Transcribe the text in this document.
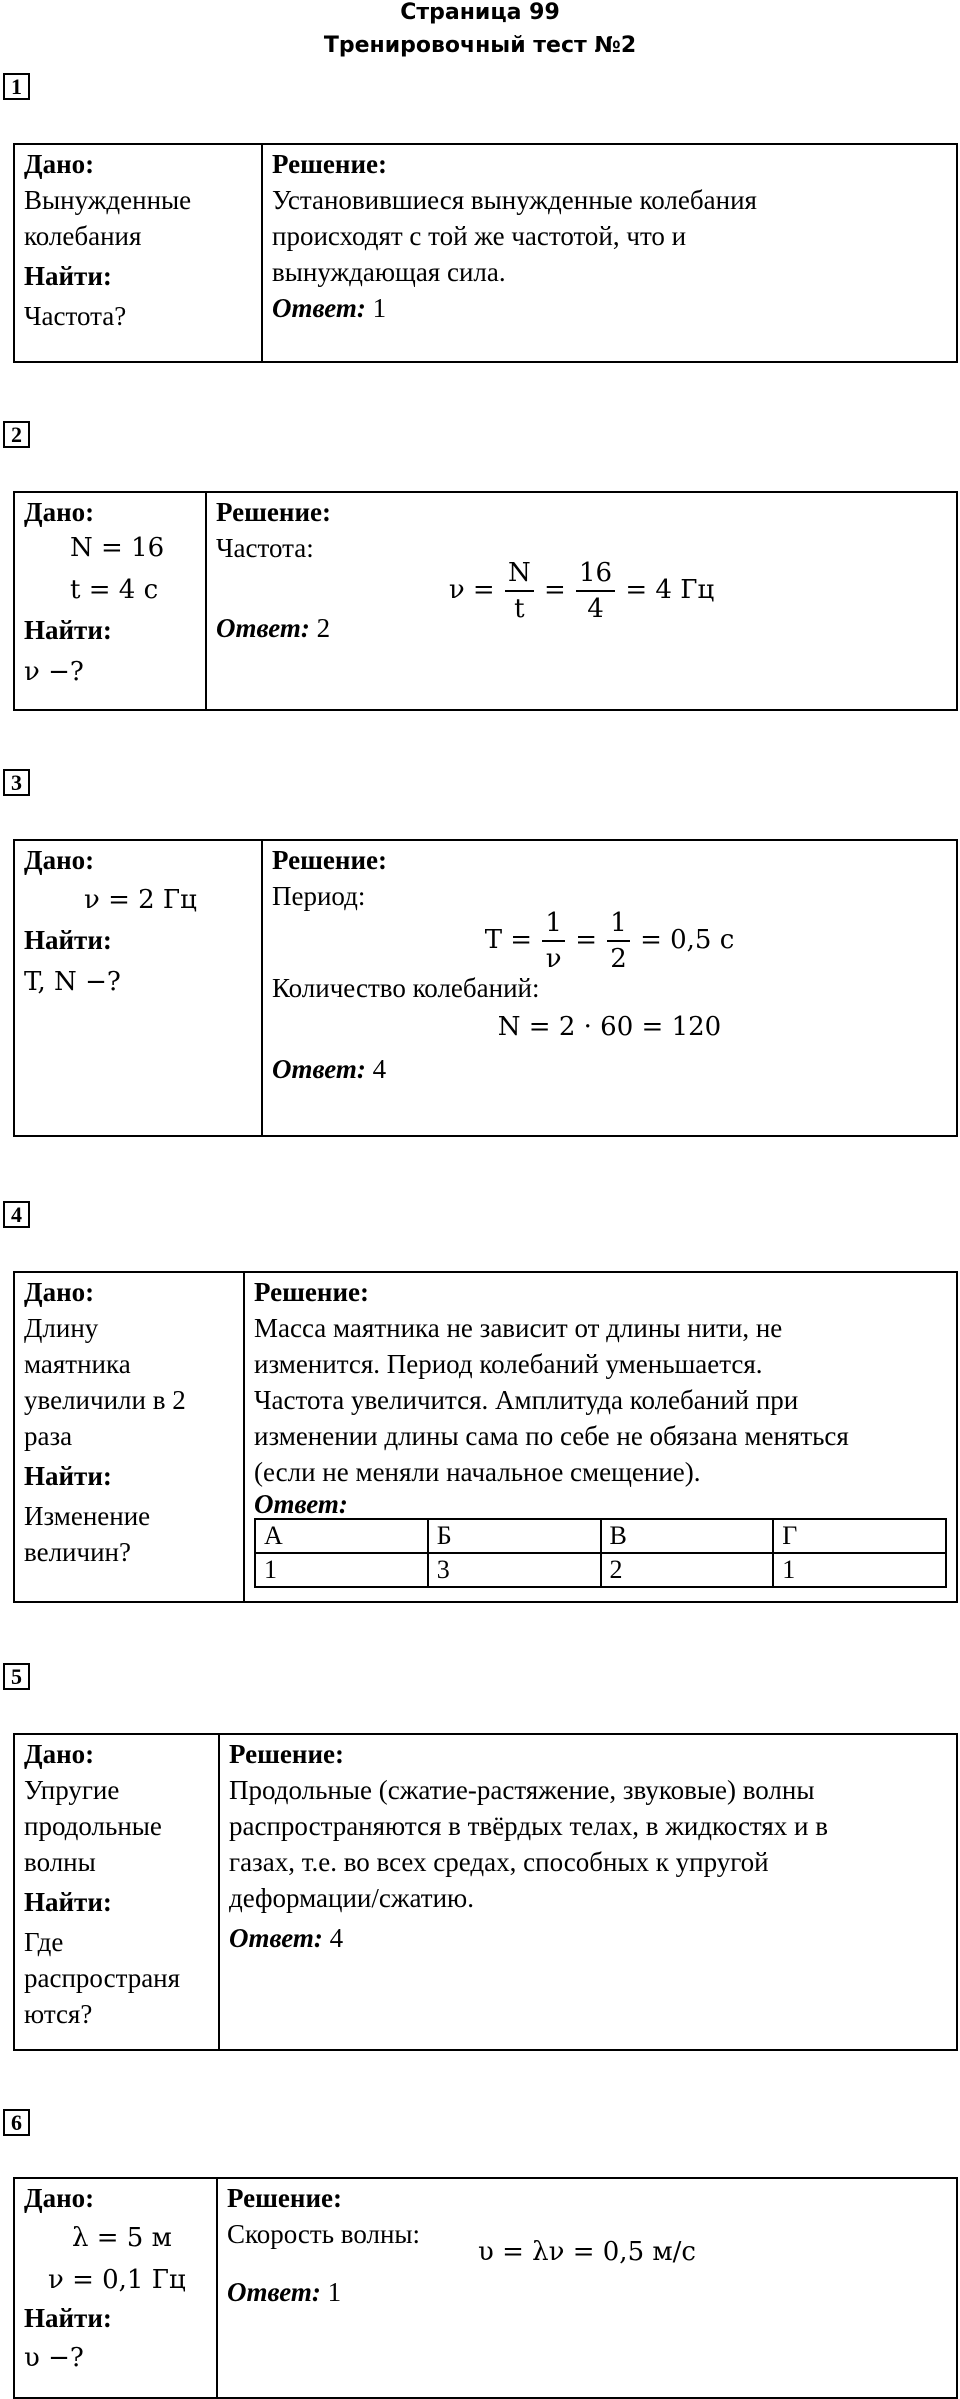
Страница 99
Тренировочный тест №2
1
Дано:
Вынужденные
колебания
Найти:
Частота?

Решение:
Установившиеся вынужденные колебания
происходят с той же частотой, что и
вынуждающая сила.
Ответ: 1
2
Дано:
N = 16
t = 4 с
Найти:
ν −?

Решение:
Частота:
$\nu = \frac{N}{t} = \frac{16}{4} = 4$ Гц
Ответ: 2
3
Дано:
ν = 2 Гц
Найти:
T, N −?

Решение:
Период:
$T = \frac{1}{\nu} = \frac{1}{2} = 0,5$ с
Количество колебаний:
N = 2 · 60 = 120
Ответ: 4
4
Дано:
Длину
маятника
увеличили в 2
раза
Найти:
Изменение
величин?

Решение:
Масса маятника не зависит от длины нити, не
изменится. Период колебаний уменьшается.
Частота увеличится. Амплитуда колебаний при
изменении длины сама по себе не обязана меняться
(если не меняли начальное смещение).
Ответ:
А	Б	В	Г
1	3	2	1
5
Дано:
Упругие
продольные
волны
Найти:
Где
распространя
ются?

Решение:
Продольные (сжатие-растяжение, звуковые) волны
распространяются в твёрдых телах, в жидкостях и в
газах, т.е. во всех средах, способных к упругой
деформации/сжатию.
Ответ: 4
6
Дано:
λ = 5 м
ν = 0,1 Гц
Найти:
υ −?

Решение:
Скорость волны:
υ = λν = 0,5 м/с
Ответ: 1
